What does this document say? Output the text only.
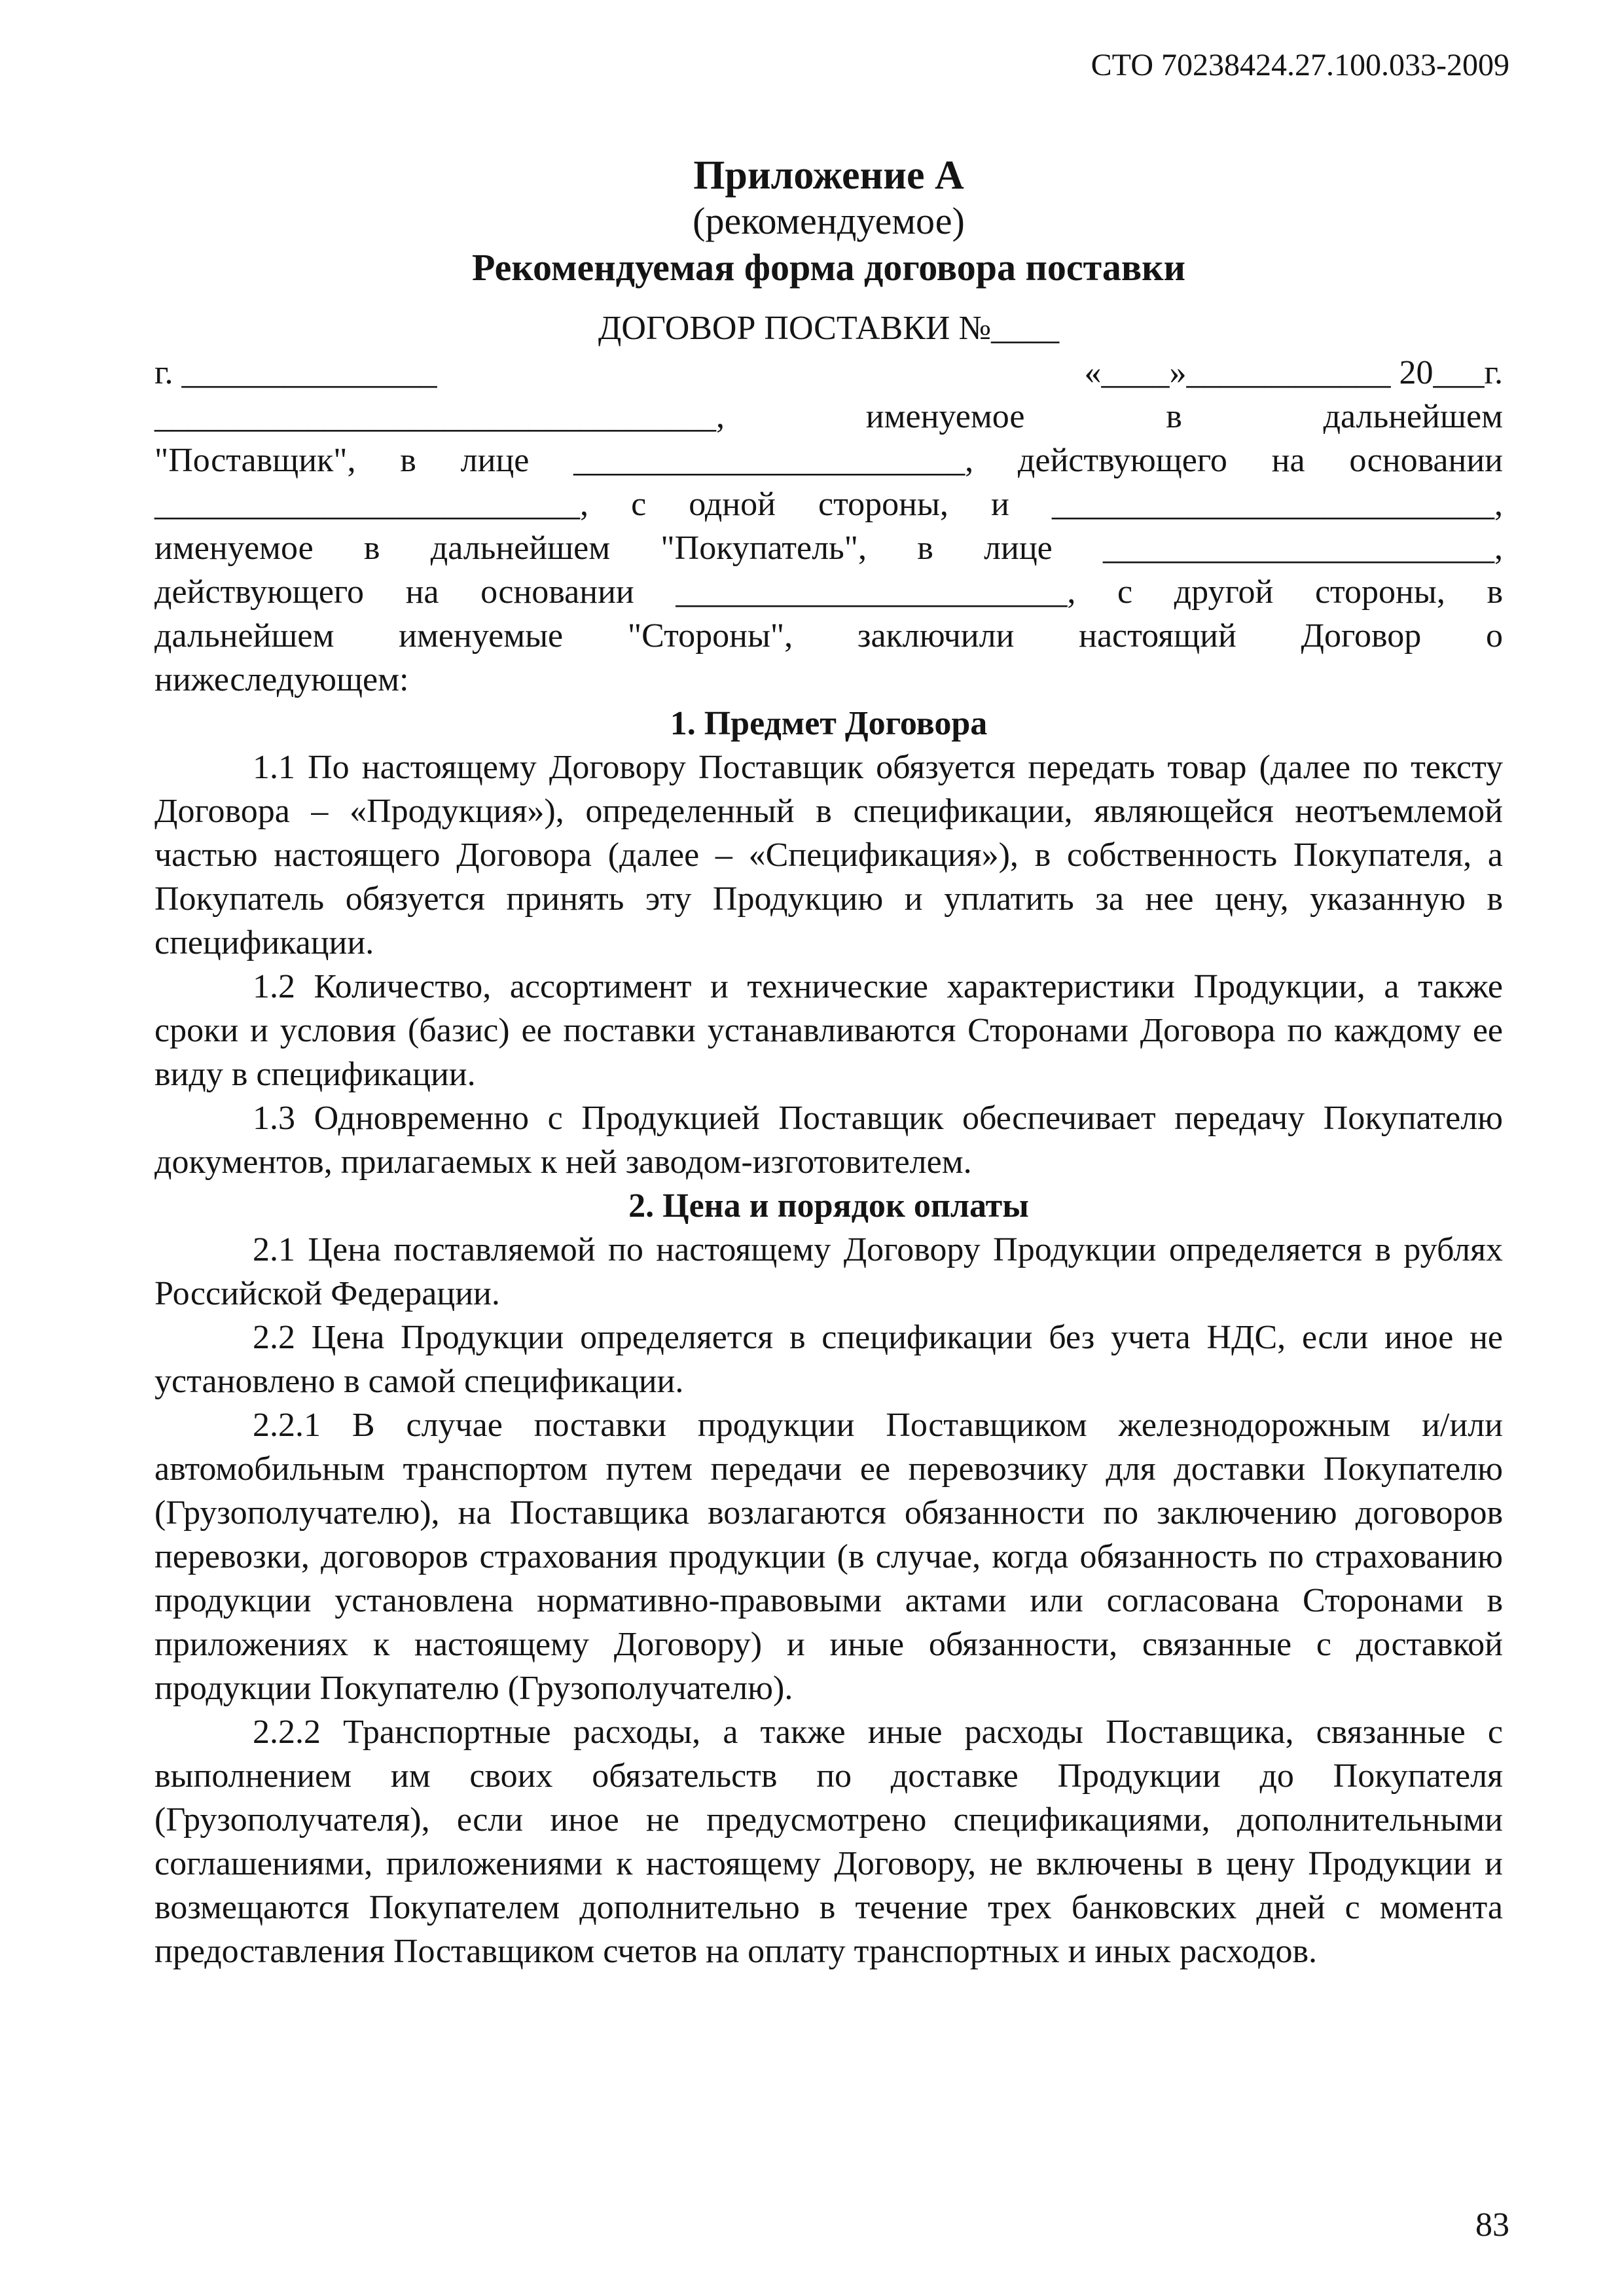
СТО 70238424.27.100.033-2009
Приложение А
(рекомендуемое)
Рекомендуемая форма договора поставки
ДОГОВОР ПОСТАВКИ №____
г. _______________	«____»____________ 20___г.
_________________________________, именуемое в дальнейшем
"Поставщик", в лице _______________________, действующего на основании
_________________________, с одной стороны, и __________________________,
именуемое в дальнейшем "Покупатель", в лице _______________________,
действующего на основании _______________________, с другой стороны, в
дальнейшем именуемые "Стороны", заключили настоящий Договор о
нижеследующем:
1. Предмет Договора
1.1 По настоящему Договору Поставщик обязуется передать товар (далее по тексту Договора – «Продукция»), определенный в спецификации, являющейся неотъемлемой частью настоящего Договора (далее – «Спецификация»), в собственность Покупателя, а Покупатель обязуется принять эту Продукцию и уплатить за нее цену, указанную в спецификации.
1.2 Количество, ассортимент и технические характеристики Продукции, а также сроки и условия (базис) ее поставки устанавливаются Сторонами Договора по каждому ее виду в спецификации.
1.3 Одновременно с Продукцией Поставщик обеспечивает передачу Покупателю документов, прилагаемых к ней заводом-изготовителем.
2. Цена и порядок оплаты
2.1 Цена поставляемой по настоящему Договору Продукции определяется в рублях Российской Федерации.
2.2 Цена Продукции определяется в спецификации без учета НДС, если иное не установлено в самой спецификации.
2.2.1 В случае поставки продукции Поставщиком железнодорожным и/или автомобильным транспортом путем передачи ее перевозчику для доставки Покупателю (Грузополучателю), на Поставщика возлагаются обязанности по заключению договоров перевозки, договоров страхования продукции (в случае, когда обязанность по страхованию продукции установлена нормативно-правовыми актами или согласована Сторонами в приложениях к настоящему Договору) и иные обязанности, связанные с доставкой продукции Покупателю (Грузополучателю).
2.2.2 Транспортные расходы, а также иные расходы Поставщика, связанные с выполнением им своих обязательств по доставке Продукции до Покупателя (Грузополучателя), если иное не предусмотрено спецификациями, дополнительными соглашениями, приложениями к настоящему Договору, не включены в цену Продукции и возмещаются Покупателем дополнительно в течение трех банковских дней с момента предоставления Поставщиком счетов на оплату транспортных и иных расходов.
83
